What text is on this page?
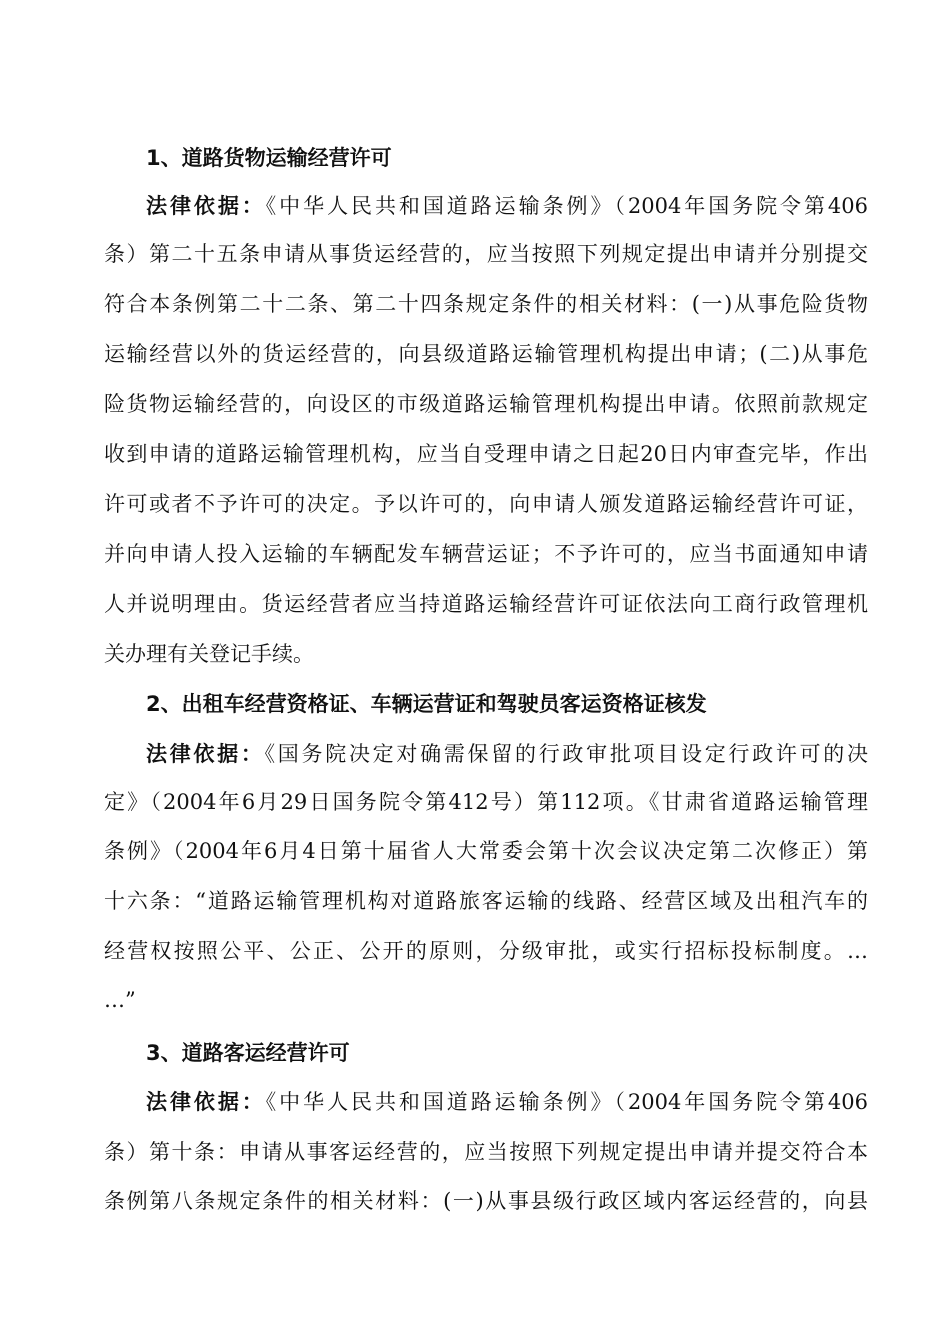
1、道路货物运输经营许可
法律依据：《中华人民共和国道路运输条例》（2004年国务院令第406
条）第二十五条申请从事货运经营的，应当按照下列规定提出申请并分别提交
符合本条例第二十二条、第二十四条规定条件的相关材料：(一)从事危险货物
运输经营以外的货运经营的，向县级道路运输管理机构提出申请；(二)从事危
险货物运输经营的，向设区的市级道路运输管理机构提出申请。依照前款规定
收到申请的道路运输管理机构，应当自受理申请之日起20日内审查完毕，作出
许可或者不予许可的决定。予以许可的，向申请人颁发道路运输经营许可证，
并向申请人投入运输的车辆配发车辆营运证；不予许可的，应当书面通知申请
人并说明理由。货运经营者应当持道路运输经营许可证依法向工商行政管理机
关办理有关登记手续。
2、出租车经营资格证、车辆运营证和驾驶员客运资格证核发
法律依据：《国务院决定对确需保留的行政审批项目设定行政许可的决
定》（2004年6月29日国务院令第412号）第112项。《甘肃省道路运输管理
条例》（2004年6月4日第十届省人大常委会第十次会议决定第二次修正）第
十六条：“道路运输管理机构对道路旅客运输的线路、经营区域及出租汽车的
经营权按照公平、公正、公开的原则，分级审批，或实行招标投标制度。…
…”
3、道路客运经营许可
法律依据：《中华人民共和国道路运输条例》（2004年国务院令第406
条）第十条：申请从事客运经营的，应当按照下列规定提出申请并提交符合本
条例第八条规定条件的相关材料：(一)从事县级行政区域内客运经营的，向县
